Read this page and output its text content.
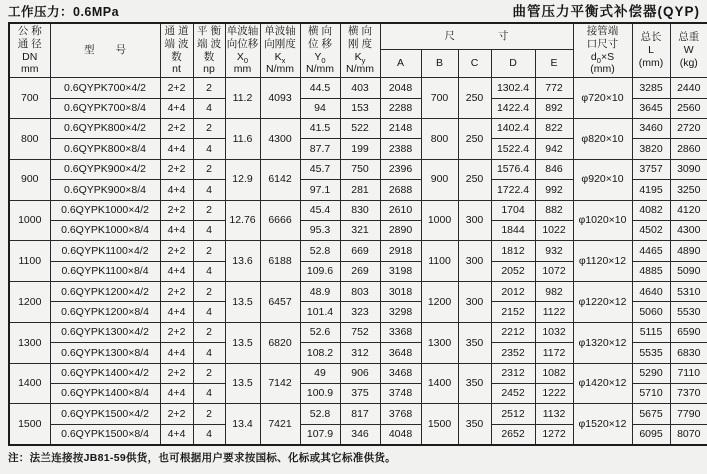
工作压力：0.6MPa	曲管压力平衡式补偿器(QYP)
公 称
通 径
DN
mm	型　　号	通 道
端 波
数
nt	平 衡
端 波
数
np	单波轴
向位移
$X_0$
mm	单波轴
向刚度
$K_x$
N/mm	横 向
位 移
$Y_0$
N/mm	横 向
刚 度
$K_y$
N/mm	尺 寸					接管端
口尺寸
$d_0\times S$
(mm)	总长
L
(mm)	总重
W
(kg)

								A	B	C	D	E			
700	0.6QYPK700×4/2	2+2	2	11.2	4093	44.5	403	2048	700	250	1302.4	772	φ720×10	3285	2440
	0.6QYPK700×8/4	4+4	4			94	153	2288			1422.4	892		3645	2560
800	0.6QYPK800×4/2	2+2	2	11.6	4300	41.5	522	2148	800	250	1402.4	822	φ820×10	3460	2720
	0.6QYPK800×8/4	4+4	4			87.7	199	2388			1522.4	942		3820	2860
900	0.6QYPK900×4/2	2+2	2	12.9	6142	45.7	750	2396	900	250	1576.4	846	φ920×10	3757	3090
	0.6QYPK900×8/4	4+4	4			97.1	281	2688			1722.4	992		4195	3250
1000	0.6QYPK1000×4/2	2+2	2	12.76	6666	45.4	830	2610	1000	300	1704	882	φ1020×10	4082	4120
	0.6QYPK1000×8/4	4+4	4			95.3	321	2890			1844	1022		4502	4300
1100	0.6QYPK1100×4/2	2+2	2	13.6	6188	52.8	669	2918	1100	300	1812	932	φ1120×12	4465	4890
	0.6QYPK1100×8/4	4+4	4			109.6	269	3198			2052	1072		4885	5090
1200	0.6QYPK1200×4/2	2+2	2	13.5	6457	48.9	803	3018	1200	300	2012	982	φ1220×12	4640	5310
	0.6QYPK1200×8/4	4+4	4			101.4	323	3298			2152	1122		5060	5530
1300	0.6QYPK1300×4/2	2+2	2	13.5	6820	52.6	752	3368	1300	350	2212	1032	φ1320×12	5115	6590
	0.6QYPK1300×8/4	4+4	4			108.2	312	3648			2352	1172		5535	6830
1400	0.6QYPK1400×4/2	2+2	2	13.5	7142	49	906	3468	1400	350	2312	1082	φ1420×12	5290	7110
	0.6QYPK1400×8/4	4+4	4			100.9	375	3748			2452	1222		5710	7370
1500	0.6QYPK1500×4/2	2+2	2	13.4	7421	52.8	817	3768	1500	350	2512	1132	φ1520×12	5675	7790
	0.6QYPK1500×8/4	4+4	4			107.9	346	4048			2652	1272		6095	8070
注：法兰连接按JB81-59供货，也可根据用户要求按国标、化标或其它标准供货。
